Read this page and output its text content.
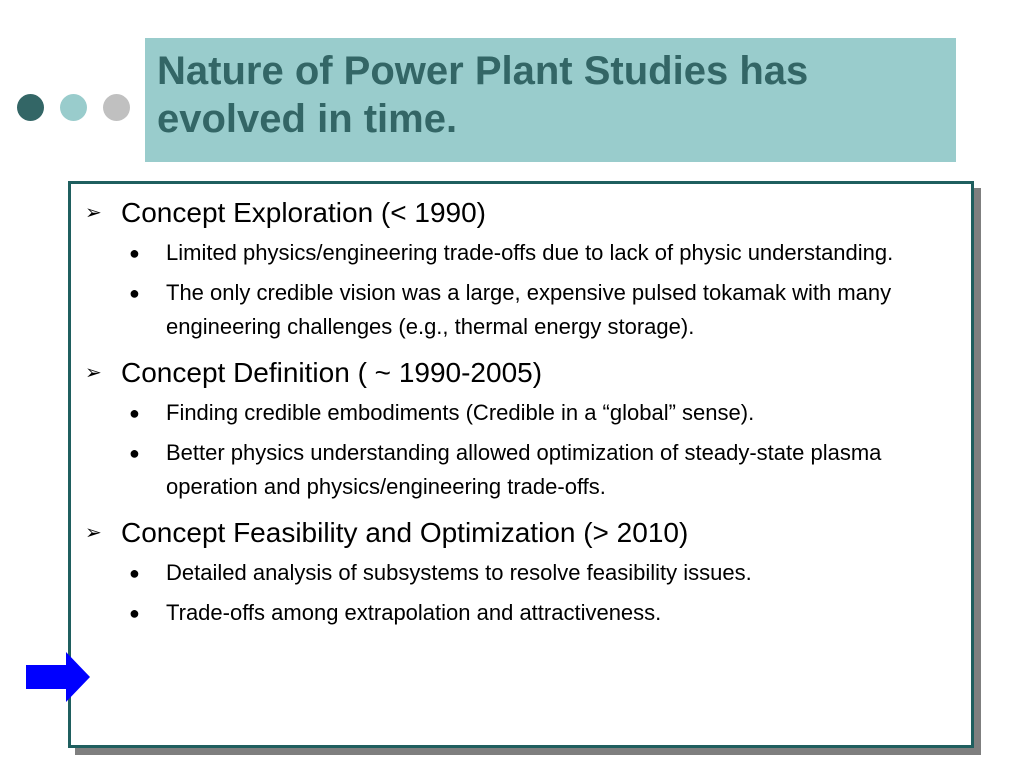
Nature of Power Plant Studies has
evolved in time.

➢ Concept Exploration (< 1990)
●	Limited physics/engineering trade-offs due to lack of physic understanding.
●	The only credible vision was a large, expensive pulsed tokamak with many engineering challenges (e.g., thermal energy storage).
➢ Concept Definition ( ~ 1990-2005)
●	Finding credible embodiments (Credible in a “global” sense).
●	Better physics understanding allowed optimization of steady-state plasma operation and physics/engineering trade-offs.
➢ Concept Feasibility and Optimization (> 2010)
●	Detailed analysis of subsystems to resolve feasibility issues.
●	Trade-offs among extrapolation and attractiveness.
